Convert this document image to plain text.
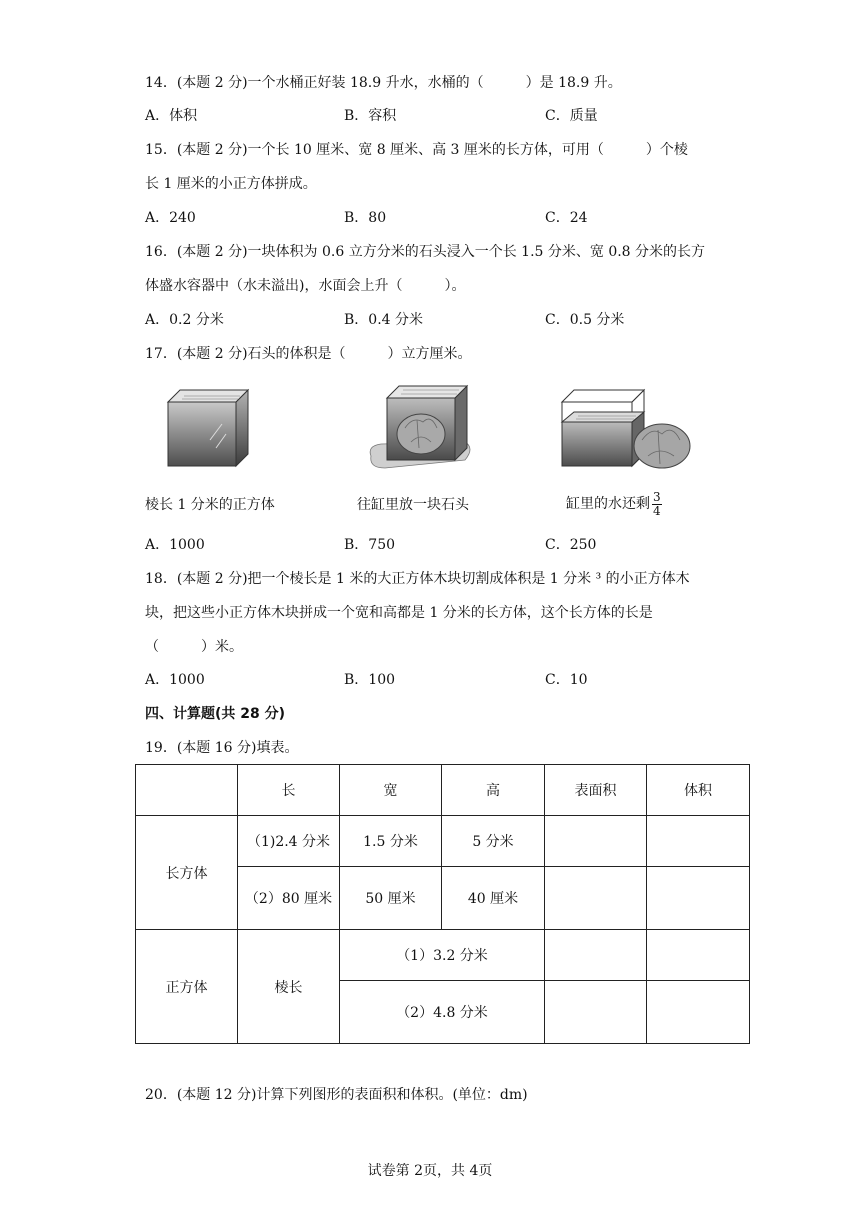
14．(本题 2 分)一个水桶正好装 18.9 升水，水桶的（　　　）是 18.9 升。
A．体积	B．容积	C．质量
15．(本题 2 分)一个长 10 厘米、宽 8 厘米、高 3 厘米的长方体，可用（　　　）个棱
长 1 厘米的小正方体拼成。
A．240	B．80	C．24
16．(本题 2 分)一块体积为 0.6 立方分米的石头浸入一个长 1.5 分米、宽 0.8 分米的长方
体盛水容器中（水未溢出)，水面会上升（　　　）。
A．0.2 分米	B．0.4 分米	C．0.5 分米
17．(本题 2 分)石头的体积是（　　　）立方厘米。
棱长 1 分米的正方体	往缸里放一块石头	缸里的水还剩 $\frac{3}{4}$
A．1000	B．750	C．250
18．(本题 2 分)把一个棱长是 1 米的大正方体木块切割成体积是 1 分米 ³ 的小正方体木
块，把这些小正方体木块拼成一个宽和高都是 1 分米的长方体，这个长方体的长是
（　　　）米。
A．1000	B．100	C．10
四、计算题(共 28 分)
19．(本题 16 分)填表。
	长	宽	高	表面积	体积
长方体	（1)2.4 分米	1.5 分米	5 分米		
	（2）80 厘米	50 厘米	40 厘米		
正方体	棱长	（1）3.2 分米			
		（2）4.8 分米			
20．(本题 12 分)计算下列图形的表面积和体积。(单位：dm)
试卷第 2页，共 4页
